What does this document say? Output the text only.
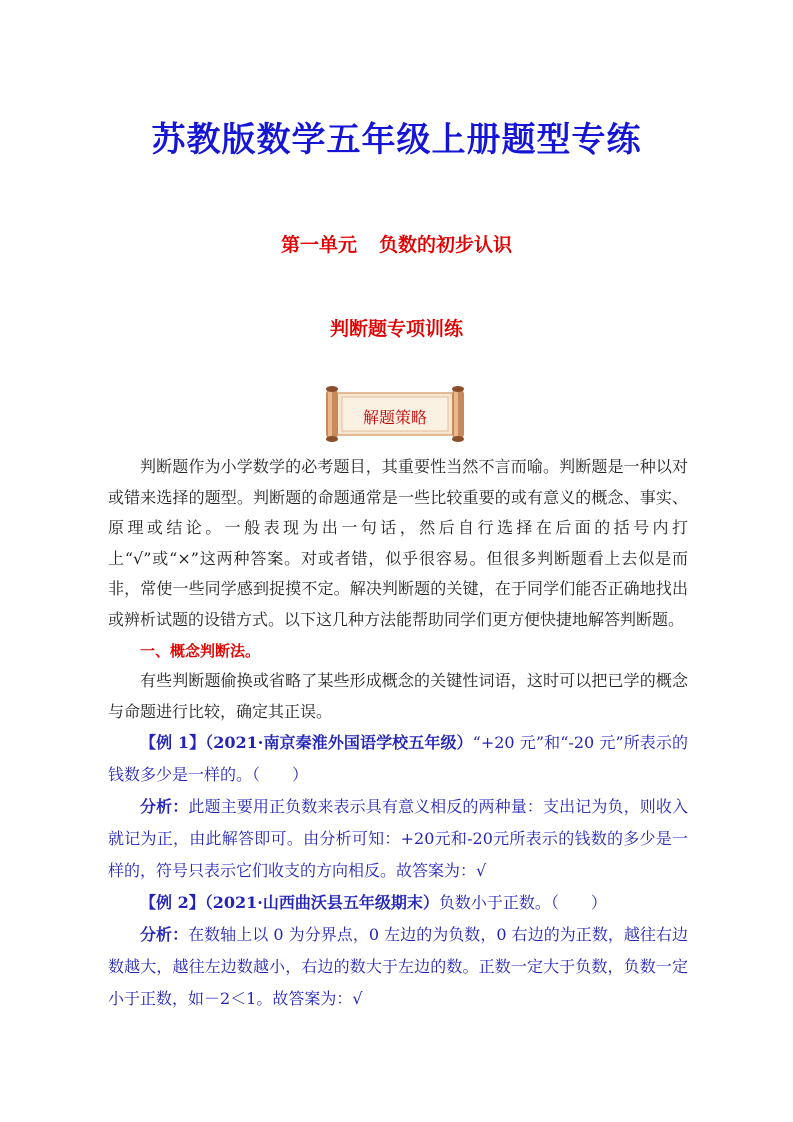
苏教版数学五年级上册题型专练
第一单元 负数的初步认识
判断题专项训练
解题策略

判断题作为小学数学的必考题目，其重要性当然不言而喻。判断题是一种以对或错来选择的题型。判断题的命题通常是一些比较重要的或有意义的概念、事实、原理或结论。一般表现为出一句话，然后自行选择在后面的括号内打上“√”或“×”这两种答案。对或者错，似乎很容易。但很多判断题看上去似是而非，常使一些同学感到捉摸不定。解决判断题的关键，在于同学们能否正确地找出或辨析试题的设错方式。以下这几种方法能帮助同学们更方便快捷地解答判断题。

一、概念判断法。

有些判断题偷换或省略了某些形成概念的关键性词语，这时可以把已学的概念与命题进行比较，确定其正误。

【例 1】（2021·南京秦淮外国语学校五年级）“+20 元”和“-20 元”所表示的钱数多少是一样的。（　　）

分析：此题主要用正负数来表示具有意义相反的两种量：支出记为负，则收入就记为正，由此解答即可。由分析可知：+20元和-20元所表示的钱数的多少是一样的，符号只表示它们收支的方向相反。故答案为：√

【例 2】（2021·山西曲沃县五年级期末）负数小于正数。（　　）

分析：在数轴上以 0 为分界点，0 左边的为负数，0 右边的为正数，越往右边数越大，越往左边数越小，右边的数大于左边的数。正数一定大于负数，负数一定小于正数，如－2＜1。故答案为：√
